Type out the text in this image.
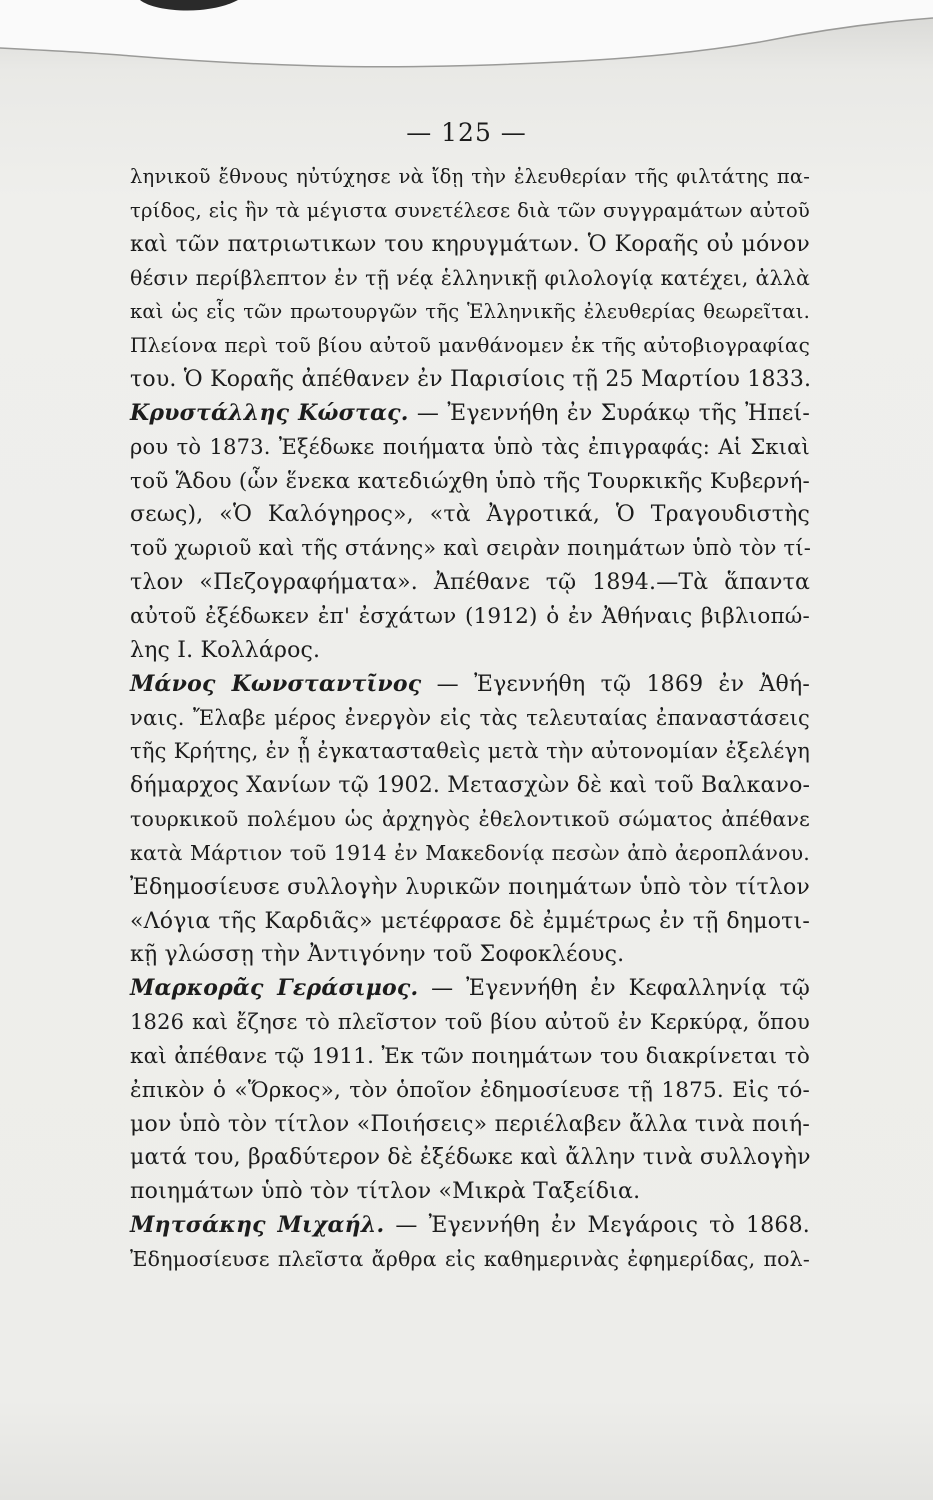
— 125 —
ληνικοῦ ἔθνους ηὐτύχησε νὰ ἴδῃ τὴν ἐλευθερίαν τῆς φιλτάτης πα-
τρίδος, εἰς ἣν τὰ μέγιστα συνετέλεσε διὰ τῶν συγγραμάτων αὐτοῦ
καὶ τῶν πατριωτικων του κηρυγμάτων. Ὁ Κοραῆς οὐ μόνον
θέσιν περίβλεπτον ἐν τῇ νέᾳ ἑλληνικῇ φιλολογίᾳ κατέχει, ἀλλὰ
καὶ ὡς εἷς τῶν πρωτουργῶν τῆς Ἑλληνικῆς ἐλευθερίας θεωρεῖται.
Πλείονα περὶ τοῦ βίου αὐτοῦ μανθάνομεν ἐκ τῆς αὐτοβιογραφίας
του. Ὁ Κοραῆς ἀπέθανεν ἐν Παρισίοις τῇ 25 Μαρτίου 1833.
Κρυστάλλης Κώστας. — Ἐγεννήθη ἐν Συράκῳ τῆς Ἠπεί-
ρου τὸ 1873. Ἐξέδωκε ποιήματα ὑπὸ τὰς ἐπιγραφάς: Αἱ Σκιαὶ
τοῦ Ἅδου (ὧν ἕνεκα κατεδιώχθη ὑπὸ τῆς Τουρκικῆς Κυβερνή-
σεως), «Ὁ Καλόγηρος», «τὰ Ἀγροτικά, Ὁ Τραγουδιστὴς
τοῦ χωριοῦ καὶ τῆς στάνης» καὶ σειρὰν ποιημάτων ὑπὸ τὸν τί-
τλον «Πεζογραφήματα». Ἀπέθανε τῷ 1894.—Τὰ ἅπαντα
αὐτοῦ ἐξέδωκεν ἐπ' ἐσχάτων (1912) ὁ ἐν Ἀθήναις βιβλιοπώ-
λης Ι. Κολλάρος.
Μάνος Κωνσταντῖνος — Ἐγεννήθη τῷ 1869 ἐν Ἀθή-
ναις. Ἔλαβε μέρος ἐνεργὸν εἰς τὰς τελευταίας ἐπαναστάσεις
τῆς Κρήτης, ἐν ᾗ ἐγκατασταθεὶς μετὰ τὴν αὐτονομίαν ἐξελέγη
δήμαρχος Χανίων τῷ 1902. Μετασχὼν δὲ καὶ τοῦ Βαλκανο-
τουρκικοῦ πολέμου ὡς ἀρχηγὸς ἐθελοντικοῦ σώματος ἀπέθανε
κατὰ Μάρτιον τοῦ 1914 ἐν Μακεδονίᾳ πεσὼν ἀπὸ ἀεροπλάνου.
Ἐδημοσίευσε συλλογὴν λυρικῶν ποιημάτων ὑπὸ τὸν τίτλον
«Λόγια τῆς Καρδιᾶς» μετέφρασε δὲ ἐμμέτρως ἐν τῇ δημοτι-
κῇ γλώσσῃ τὴν Ἀντιγόνην τοῦ Σοφοκλέους.
Μαρκορᾶς Γεράσιμος. — Ἐγεννήθη ἐν Κεφαλληνίᾳ τῷ
1826 καὶ ἔζησε τὸ πλεῖστον τοῦ βίου αὐτοῦ ἐν Κερκύρᾳ, ὅπου
καὶ ἀπέθανε τῷ 1911. Ἐκ τῶν ποιημάτων του διακρίνεται τὸ
ἐπικὸν ὁ «Ὅρκος», τὸν ὁποῖον ἐδημοσίευσε τῇ 1875. Εἰς τό-
μον ὑπὸ τὸν τίτλον «Ποιήσεις» περιέλαβεν ἄλλα τινὰ ποιή-
ματά του, βραδύτερον δὲ ἐξέδωκε καὶ ἄλλην τινὰ συλλογὴν
ποιημάτων ὑπὸ τὸν τίτλον «Μικρὰ Ταξείδια.
Μητσάκης Μιχαήλ. — Ἐγεννήθη ἐν Μεγάροις τὸ 1868.
Ἐδημοσίευσε πλεῖστα ἄρθρα εἰς καθημερινὰς ἐφημερίδας, πολ-
